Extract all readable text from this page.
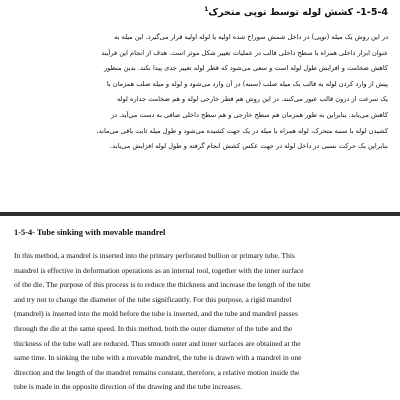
1-5-4- کشش لوله توسط توپی متحرک$^1$
در این روش یک میله (توپی) در داخل شمش سوراخ شده اولیه یا لوله اولیه قرار می‌گیرد. این میله به
عنوان ابزار داخلی همراه با سطح داخلی قالب در عملیات تغییر شکل موثر است. هدف از انجام این فرآیند
کاهش ضخامت و افزایش طول لوله است و سعی می‌شود که قطر لوله تغییر جدی پیدا نکند. بدین منظور
پیش از وارد کردن لوله به قالب یک میله صلب (سنبه) در آن وارد می‌شود و لوله و میله صلب همزمان با
یک سرعت از درون قالب عبور می‌کنند. در این روش هم قطر خارجی لوله و هم ضخامت جداره لوله
کاهش می‌یابد. بنابراین به طور همزمان هم سطح خارجی و هم سطح داخلی صافی به دست می‌آید. در
کشیدن لوله با سنبه متحرک، لوله همراه با میله در یک جهت کشیده می‌شود و طول میله ثابت باقی می‌ماند،
بنابراین یک حرکت نسبی در داخل لوله در جهت عکس کشش انجام گرفته و طول لوله افزایش می‌یابد.
1-5-4- Tube sinking with movable mandrel
In this method, a mandrel is inserted into the primary perforated bullion or primary tube. This
mandrel is effective in deformation operations as an internal tool, together with the inner surface
of the die. The purpose of this process is to reduce the thickness and increase the length of the tube
and try not to change the diameter of the tube significantly. For this purpose, a rigid mandrel
(mandrel) is inserted into the mold before the tube is inserted, and the tube and mandrel passes
through the die at the same speed. In this method, both the outer diameter of the tube and the
thickness of the tube wall are reduced. Thus smooth outer and inner surfaces are obtained at the
same time. In sinking the tube with a movable mandrel, the tube is drawn with a mandrel in one
direction and the length of the mandrel remains constant, therefore, a relative motion inside the
tube is made in the opposite direction of the drawing and the tube increases.
